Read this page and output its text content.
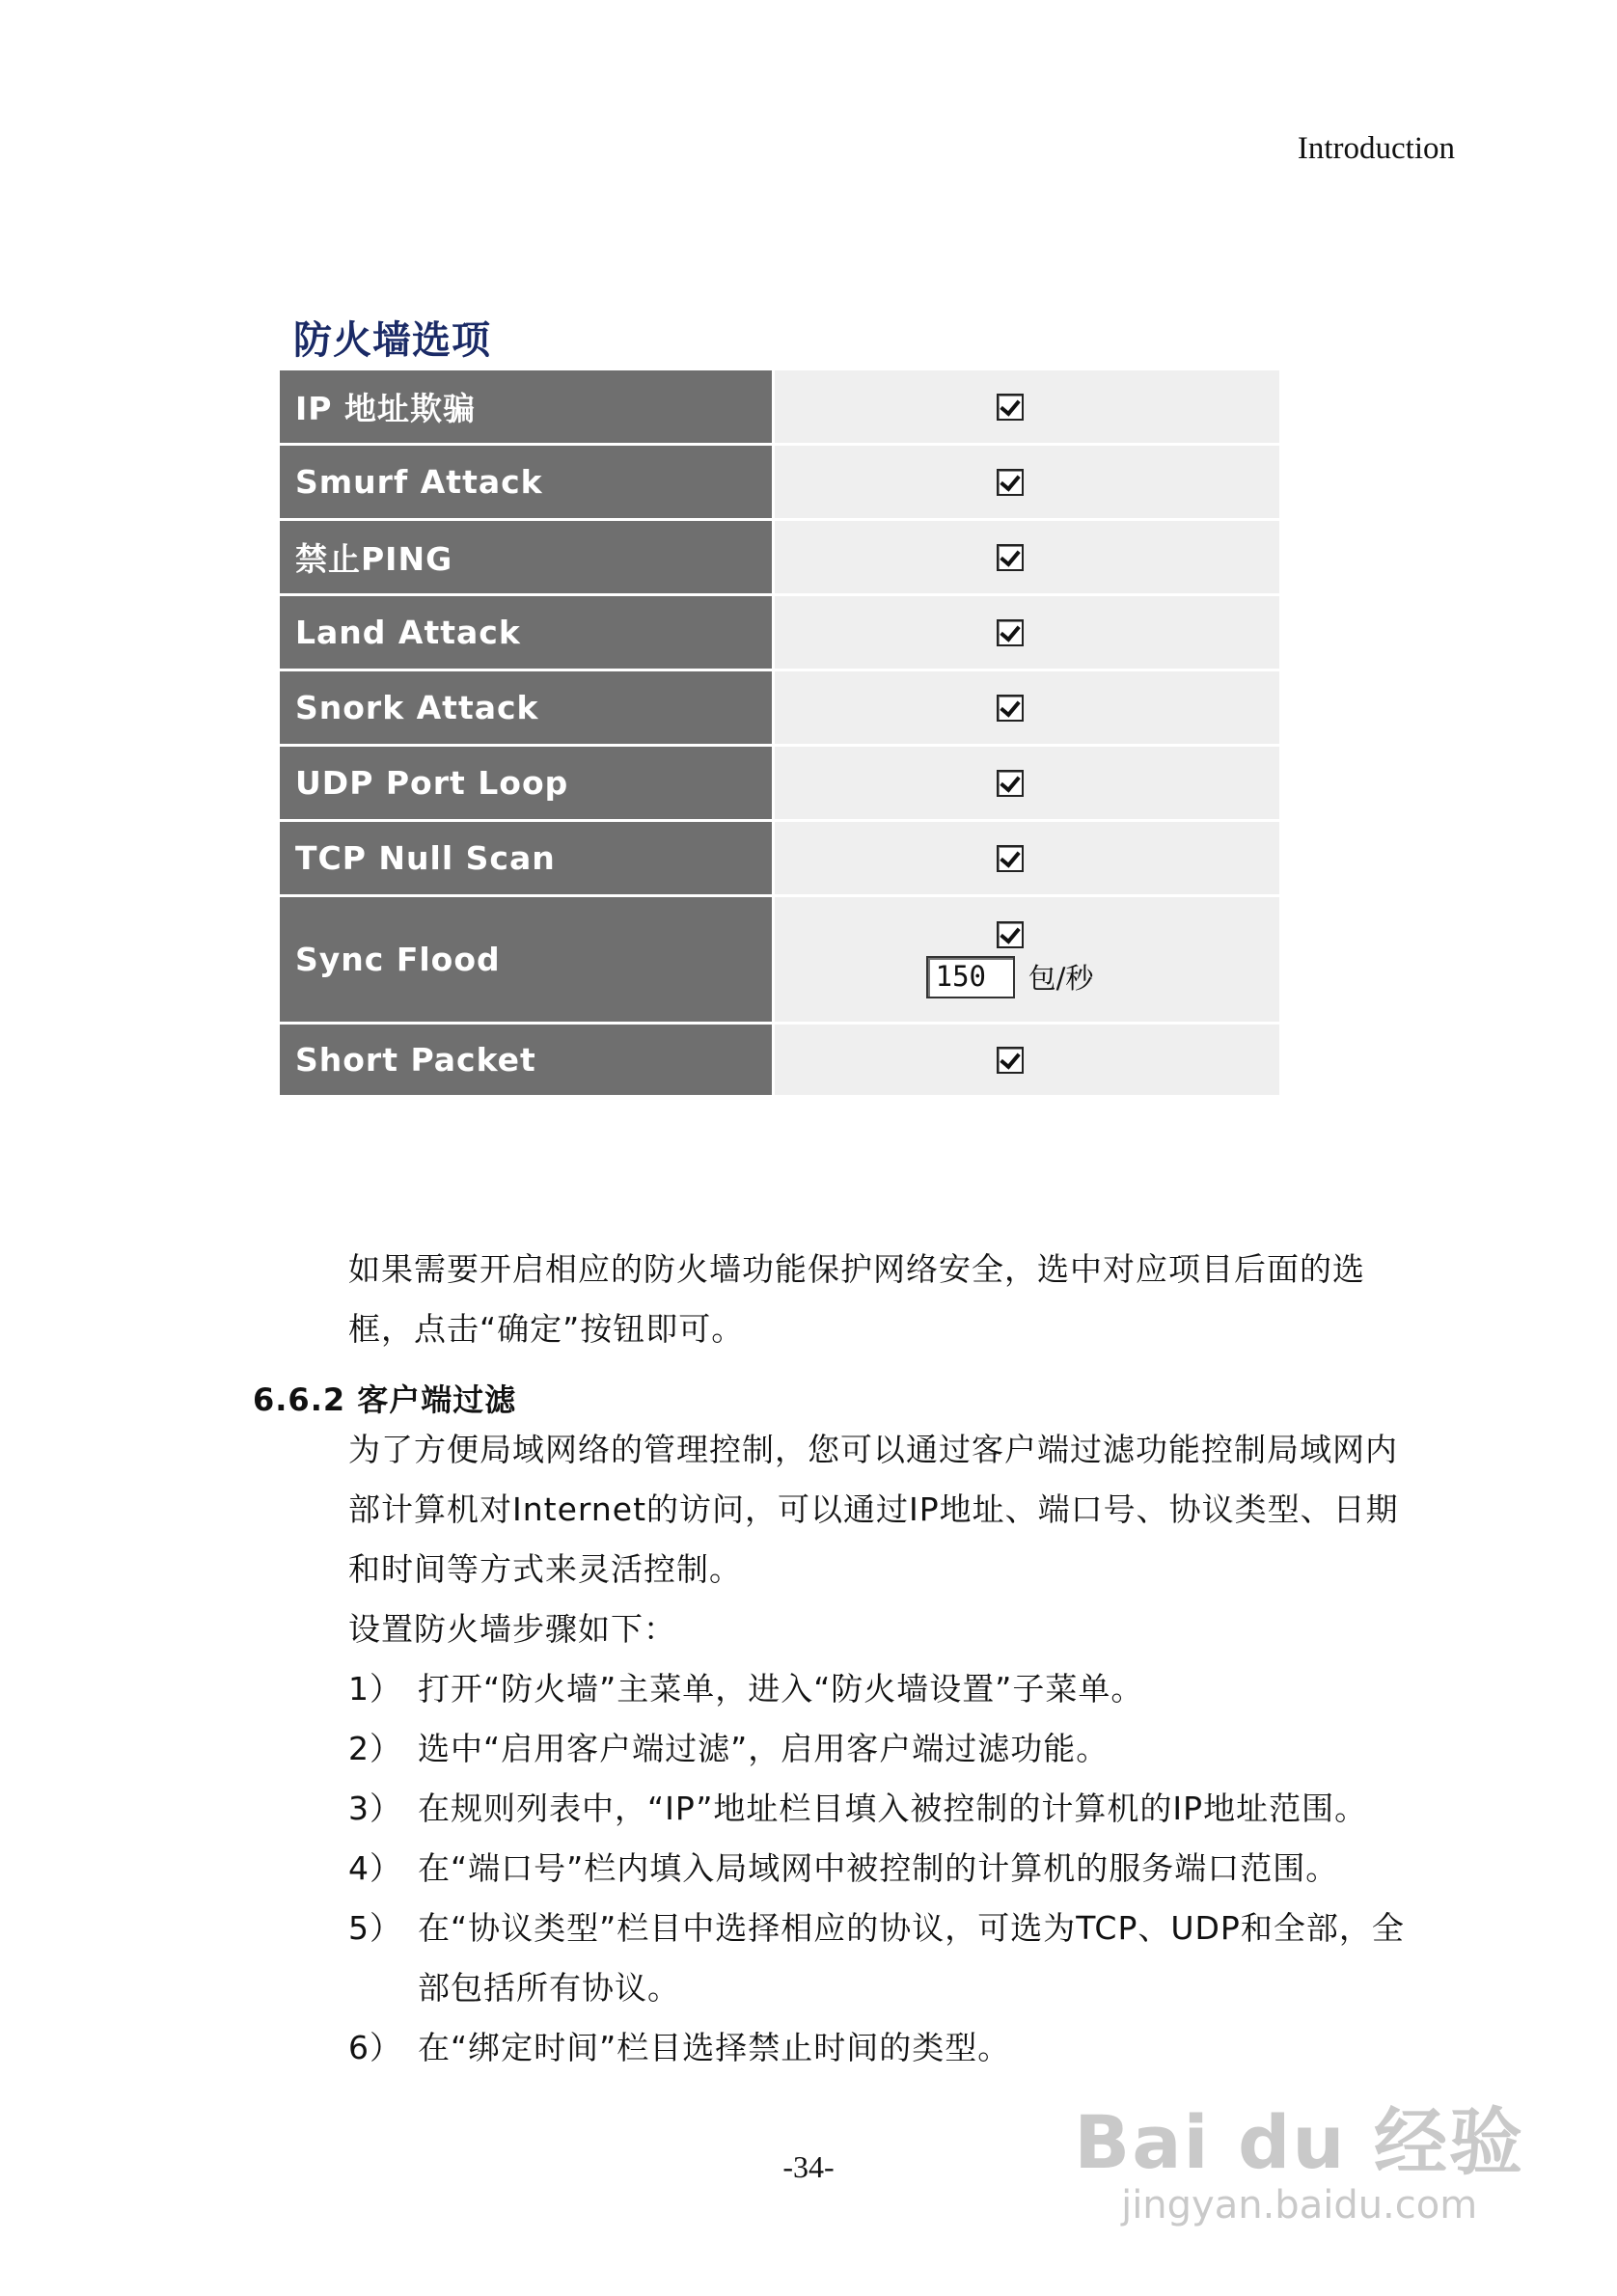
Introduction
防火墙选项
IP 地址欺骗
Smurf Attack
禁止PING
Land Attack
Snork Attack
UDP Port Loop
TCP Null Scan
Sync Flood	150	包/秒
Short Packet
如果需要开启相应的防火墙功能保护网络安全，选中对应项目后面的选
框，点击“确定”按钮即可。
6.6.2 客户端过滤
为了方便局域网络的管理控制，您可以通过客户端过滤功能控制局域网内
部计算机对Internet的访问，可以通过IP地址、端口号、协议类型、日期
和时间等方式来灵活控制。
设置防火墙步骤如下：
1） 打开“防火墙”主菜单，进入“防火墙设置”子菜单。
2） 选中“启用客户端过滤”，启用客户端过滤功能。
3） 在规则列表中，“IP”地址栏目填入被控制的计算机的IP地址范围。
4） 在“端口号”栏内填入局域网中被控制的计算机的服务端口范围。
5） 在“协议类型”栏目中选择相应的协议，可选为TCP、UDP和全部，全
部包括所有协议。
6） 在“绑定时间”栏目选择禁止时间的类型。
-34-	Bai du 经验
jingyan.baidu.com
